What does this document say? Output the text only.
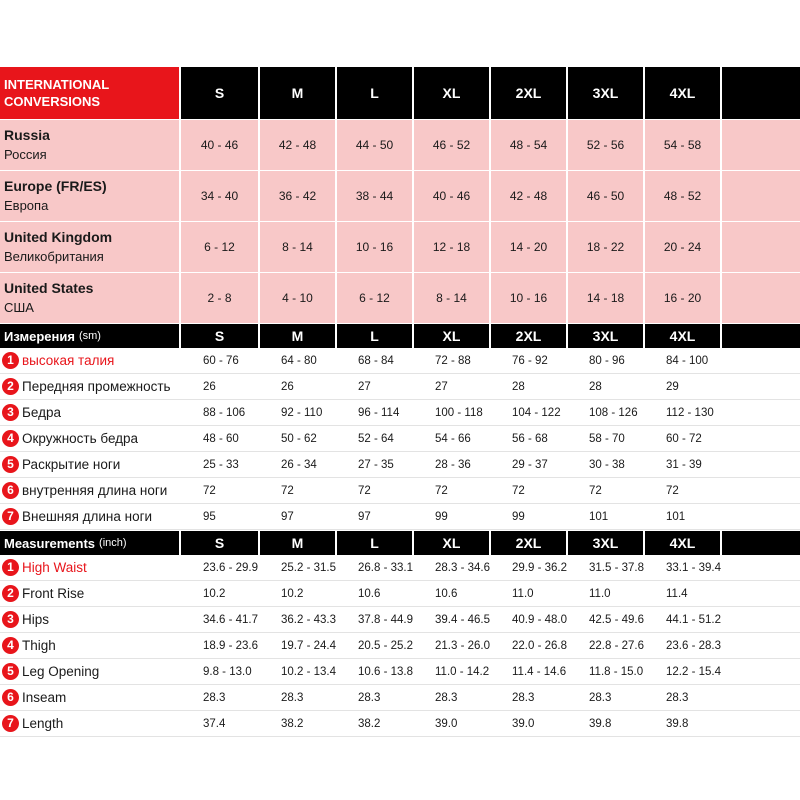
INTERNATIONAL CONVERSIONS
S	M	L	XL	2XL	3XL	4XL
Russia
Россия
40 - 46	42 - 48	44 - 50	46 - 52	48 - 54	52 - 56	54 - 58
Europe (FR/ES)
Европа
34 - 40	36 - 42	38 - 44	40 - 46	42 - 48	46 - 50	48 - 52
United Kingdom
Великобритания
6 - 12	8 - 14	10 - 16	12 - 18	14 - 20	18 - 22	20 - 24
United States
США
2 - 8	4 - 10	6 - 12	8 - 14	10 - 16	14 - 18	16 - 20
Измерения (sm)	S	M	L	XL	2XL	3XL	4XL
1 высокая талия	60 - 76	64 - 80	68 - 84	72 - 88	76 - 92	80 - 96	84 - 100
2 Передняя промежность	26	26	27	27	28	28	29
3 Бедра	88 - 106	92 - 110	96 - 114	100 - 118	104 - 122	108 - 126	112 - 130
4 Окружность бедра	48 - 60	50 - 62	52 - 64	54 - 66	56 - 68	58 - 70	60 - 72
5 Раскрытие ноги	25 - 33	26 - 34	27 - 35	28 - 36	29 - 37	30 - 38	31 - 39
6 внутренняя длина ноги	72	72	72	72	72	72	72
7 Внешняя длина ноги	95	97	97	99	99	101	101
Measurements (inch)	S	M	L	XL	2XL	3XL	4XL
1 High Waist	23.6 - 29.9	25.2 - 31.5	26.8 - 33.1	28.3 - 34.6	29.9 - 36.2	31.5 - 37.8	33.1 - 39.4
2 Front Rise	10.2	10.2	10.6	10.6	11.0	11.0	11.4
3 Hips	34.6 - 41.7	36.2 - 43.3	37.8 - 44.9	39.4 - 46.5	40.9 - 48.0	42.5 - 49.6	44.1 - 51.2
4 Thigh	18.9 - 23.6	19.7 - 24.4	20.5 - 25.2	21.3 - 26.0	22.0 - 26.8	22.8 - 27.6	23.6 - 28.3
5 Leg Opening	9.8 - 13.0	10.2 - 13.4	10.6 - 13.8	11.0 - 14.2	11.4 - 14.6	11.8 - 15.0	12.2 - 15.4
6 Inseam	28.3	28.3	28.3	28.3	28.3	28.3	28.3
7 Length	37.4	38.2	38.2	39.0	39.0	39.8	39.8
